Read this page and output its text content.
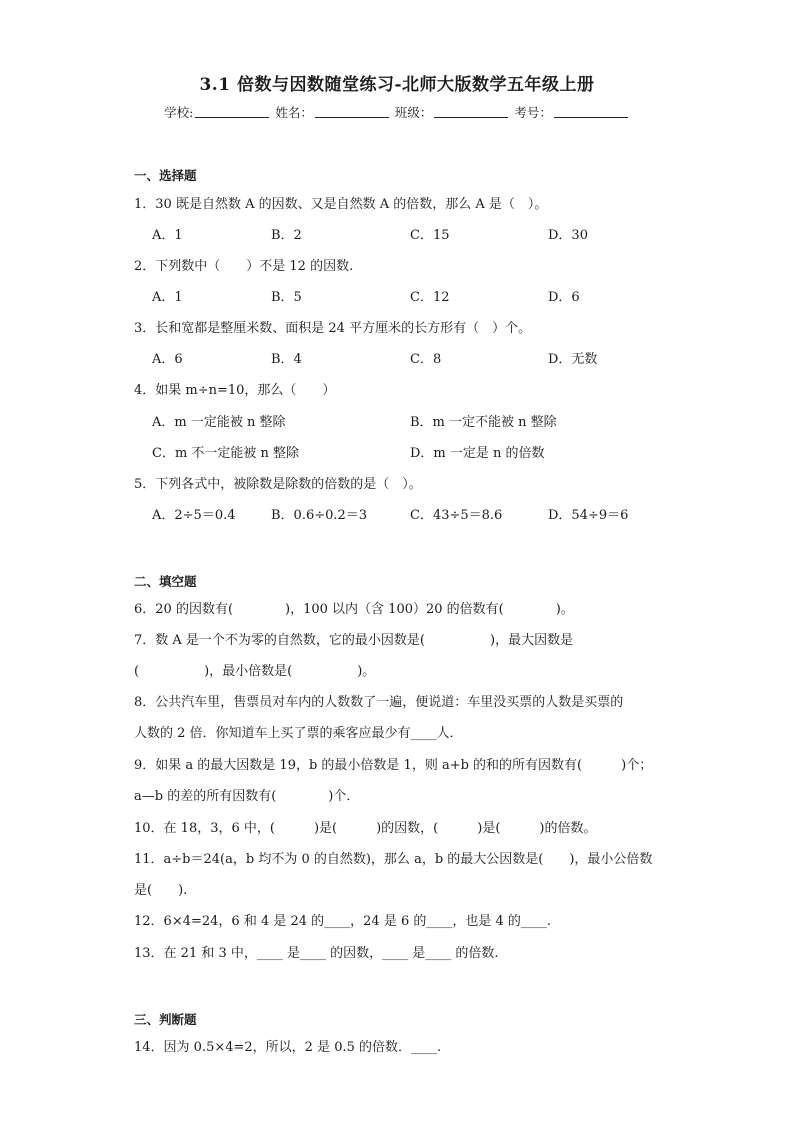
3.1 倍数与因数随堂练习-北师大版数学五年级上册
学校:	姓名：	班级：	考号：
一、选择题
1．30 既是自然数 A 的因数、又是自然数 A 的倍数，那么 A 是（　）。
A．1	B．2	C．15	D．30
2．下列数中（　　）不是 12 的因数.
A．1	B．5	C．12	D．6
3．长和宽都是整厘米数、面积是 24 平方厘米的长方形有（　）个。
A．6	B．4	C．8	D．无数
4．如果 m÷n=10，那么（　　）
A．m 一定能被 n 整除	B．m 一定不能被 n 整除
C．m 不一定能被 n 整除	D．m 一定是 n 的倍数
5．下列各式中，被除数是除数的倍数的是（　）。
A．2÷5＝0.4	B．0.6÷0.2＝3	C．43÷5＝8.6	D．54÷9＝6
二、填空题
6．20 的因数有(　　　　)，100 以内（含 100）20 的倍数有(　　　　)。
7．数 A 是一个不为零的自然数，它的最小因数是(　　　　　)，最大因数是
(　　　　　)，最小倍数是(　　　　　)。
8．公共汽车里，售票员对车内的人数数了一遍，便说道：车里没买票的人数是买票的
人数的 2 倍．你知道车上买了票的乘客应最少有____人．
9．如果 a 的最大因数是 19，b 的最小倍数是 1，则 a+b 的和的所有因数有(　　　)个；
a—b 的差的所有因数有(　　　　)个．
10．在 18，3，6 中，(　　　)是(　　　)的因数，(　　　)是(　　　)的倍数。
11．a÷b＝24(a，b 均不为 0 的自然数)，那么 a，b 的最大公因数是(　　)，最小公倍数
是(　　).
12．6×4=24，6 和 4 是 24 的____，24 是 6 的____，也是 4 的____.
13．在 21 和 3 中，____ 是____ 的因数，____ 是____ 的倍数.
三、判断题
14．因为 0.5×4=2，所以，2 是 0.5 的倍数．____.
